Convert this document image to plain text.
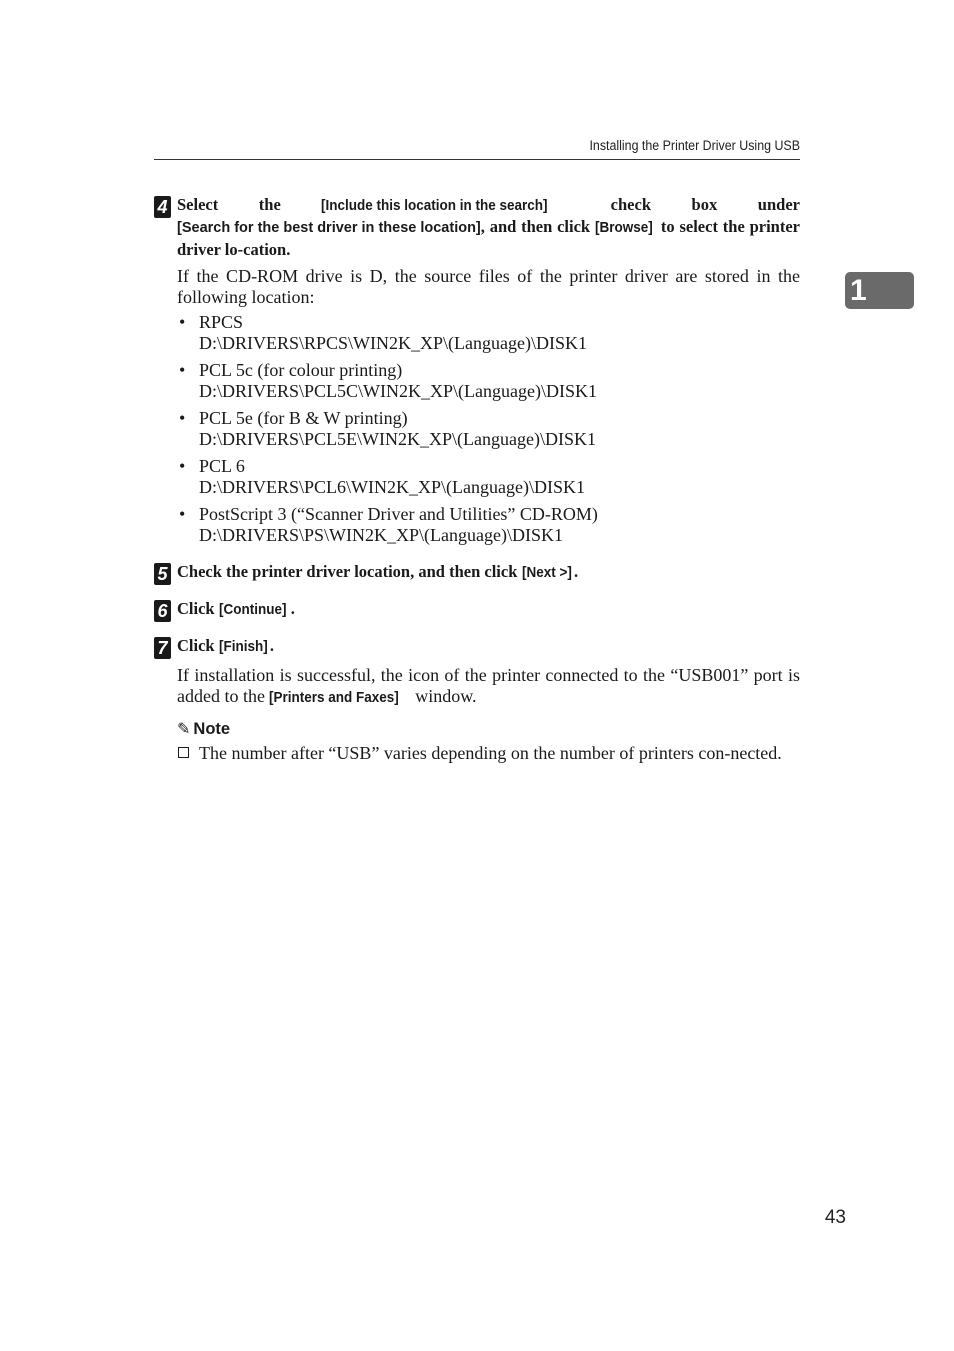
Installing the Printer Driver Using USB
1
4 Select the [Include this location in the search] check box under [Search for the best driver in these location], and then click [Browse] to select the printer driver lo-cation.
If the CD-ROM drive is D, the source files of the printer driver are stored in the following location:
• RPCS
D:\DRIVERS\RPCS\WIN2K_XP\(Language)\DISK1
• PCL 5c (for colour printing)
D:\DRIVERS\PCL5C\WIN2K_XP\(Language)\DISK1
• PCL 5e (for B & W printing)
D:\DRIVERS\PCL5E\WIN2K_XP\(Language)\DISK1
• PCL 6
D:\DRIVERS\PCL6\WIN2K_XP\(Language)\DISK1
• PostScript 3 (“Scanner Driver and Utilities” CD-ROM)
D:\DRIVERS\PS\WIN2K_XP\(Language)\DISK1
5 Check the printer driver location, and then click [Next >] .
6 Click [Continue] .
7 Click [Finish] .
If installation is successful, the icon of the printer connected to the “USB001” port is added to the [Printers and Faxes] window.
✎ Note
The number after “USB” varies depending on the number of printers con-nected.
43
